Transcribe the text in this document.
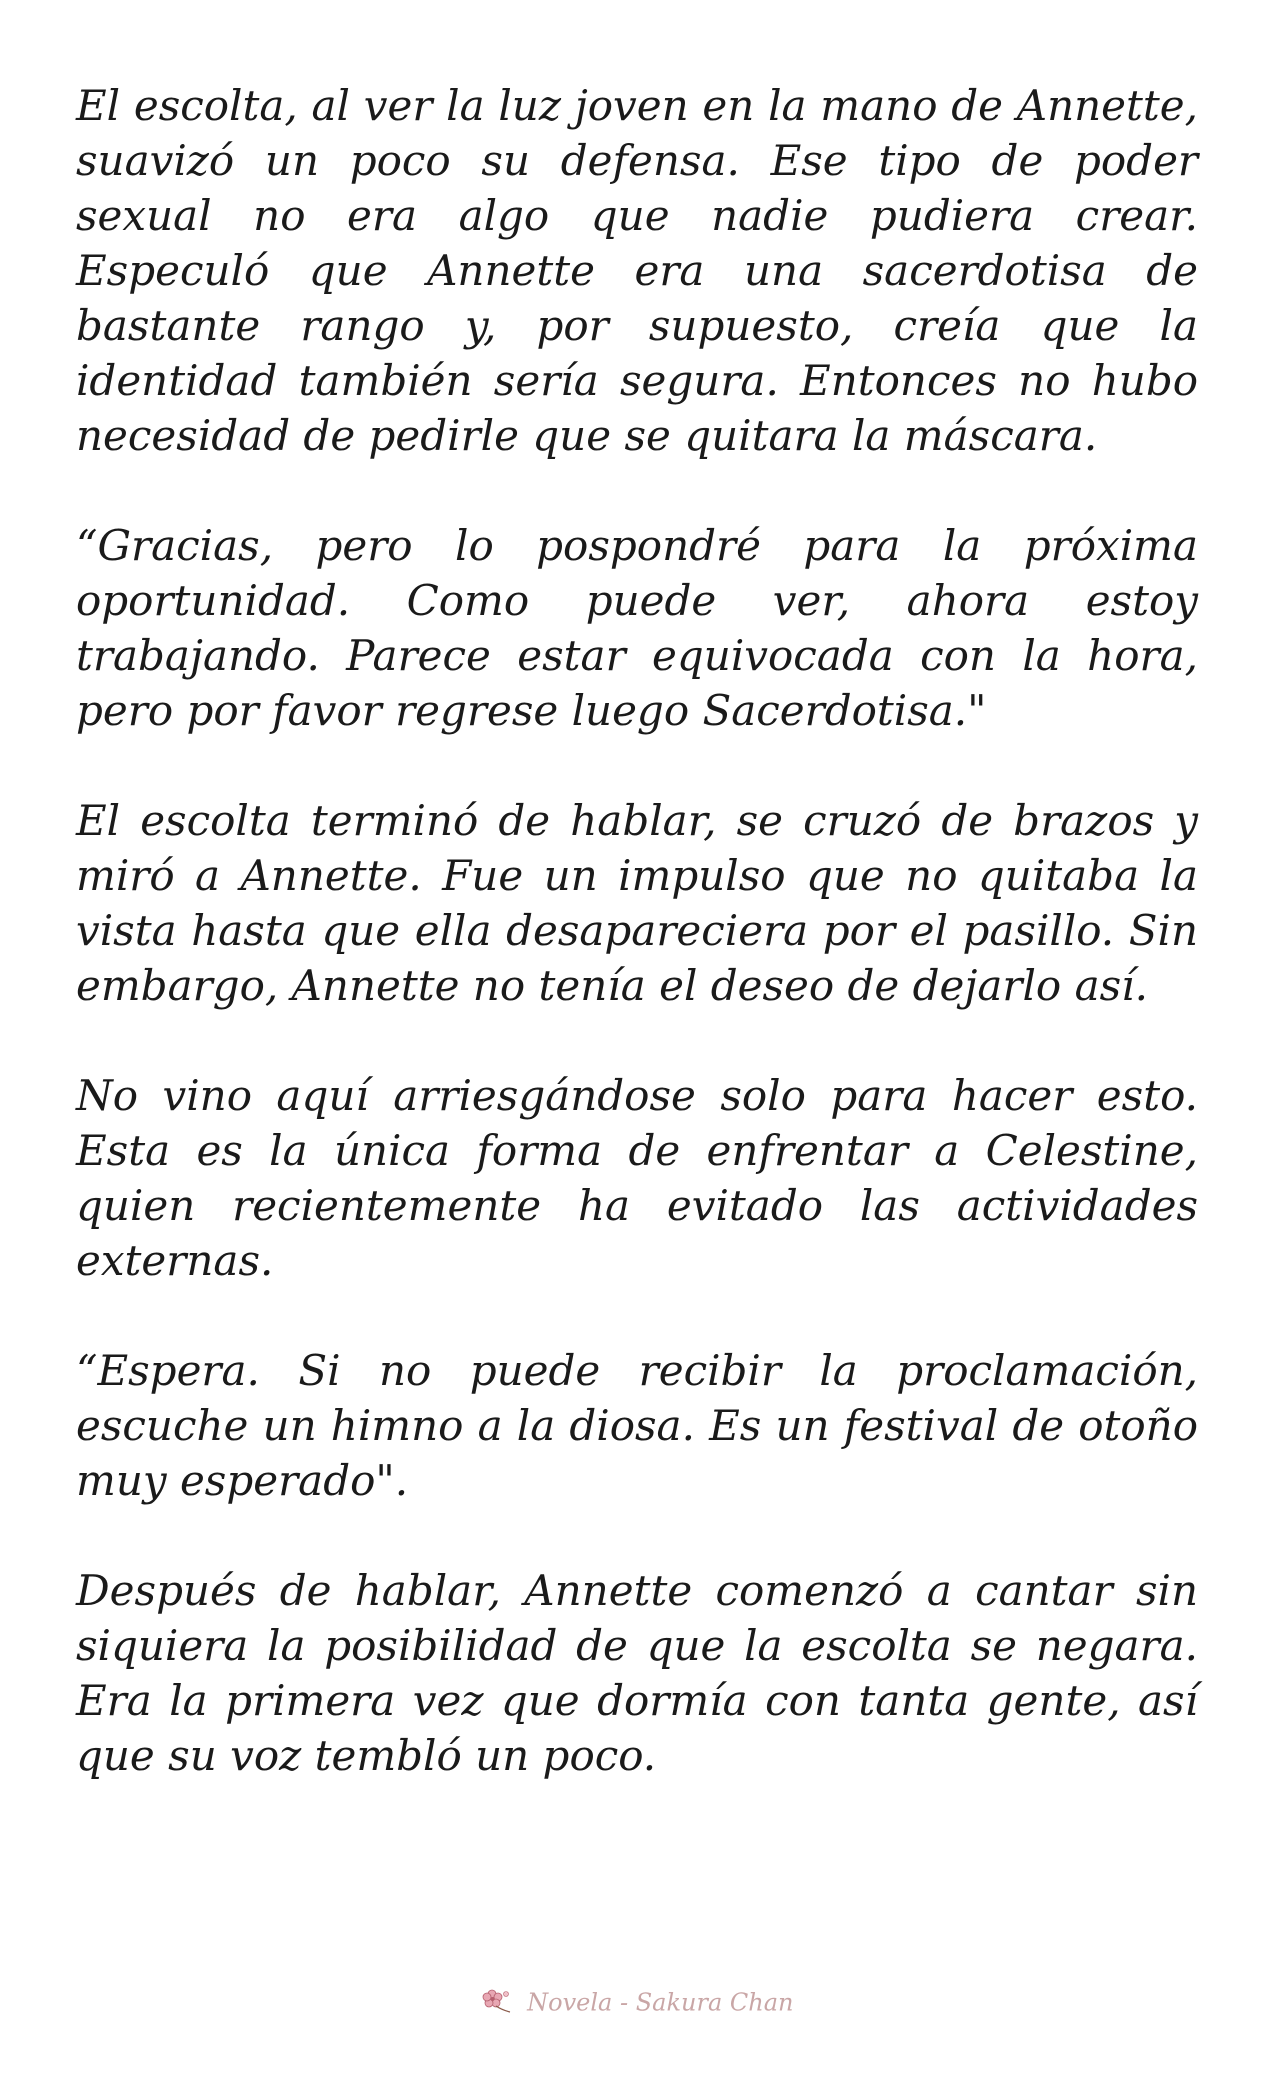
El escolta, al ver la luz joven en la mano de Annette, suavizó un poco su defensa. Ese tipo de poder sexual no era algo que nadie pudiera crear. Especuló que Annette era una sacerdotisa de bastante rango y, por supuesto, creía que la identidad también sería segura. Entonces no hubo necesidad de pedirle que se quitara la máscara.

“Gracias, pero lo pospondré para la próxima oportunidad. Como puede ver, ahora estoy trabajando. Parece estar equivocada con la hora, pero por favor regrese luego Sacerdotisa."

El escolta terminó de hablar, se cruzó de brazos y miró a Annette. Fue un impulso que no quitaba la vista hasta que ella desapareciera por el pasillo. Sin embargo, Annette no tenía el deseo de dejarlo así.

No vino aquí arriesgándose solo para hacer esto. Esta es la única forma de enfrentar a Celestine, quien recientemente ha evitado las actividades externas.

“Espera. Si no puede recibir la proclamación, escuche un himno a la diosa. Es un festival de otoño muy esperado".

Después de hablar, Annette comenzó a cantar sin siquiera la posibilidad de que la escolta se negara. Era la primera vez que dormía con tanta gente, así que su voz tembló un poco.

Novela - Sakura Chan
